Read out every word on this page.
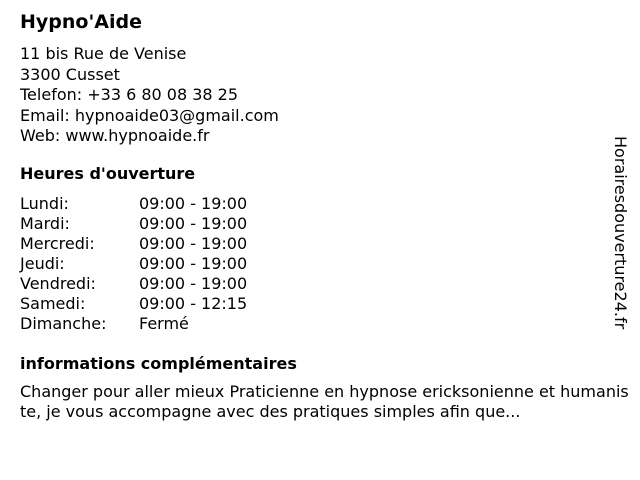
Hypno'Aide
11 bis Rue de Venise
3300 Cusset
Telefon: +33 6 80 08 38 25
Email: hypnoaide03@gmail.com
Web: www.hypnoaide.fr
Heures d'ouverture
Lundi:	09:00 - 19:00
Mardi:	09:00 - 19:00
Mercredi:	09:00 - 19:00
Jeudi:	09:00 - 19:00
Vendredi:	09:00 - 19:00
Samedi:	09:00 - 12:15
Dimanche: Fermé
informations complémentaires
Changer pour aller mieux Praticienne en hypnose ericksonienne et humaniste, je vous accompagne avec des pratiques simples afin que...
Horairesdouverture24.fr
